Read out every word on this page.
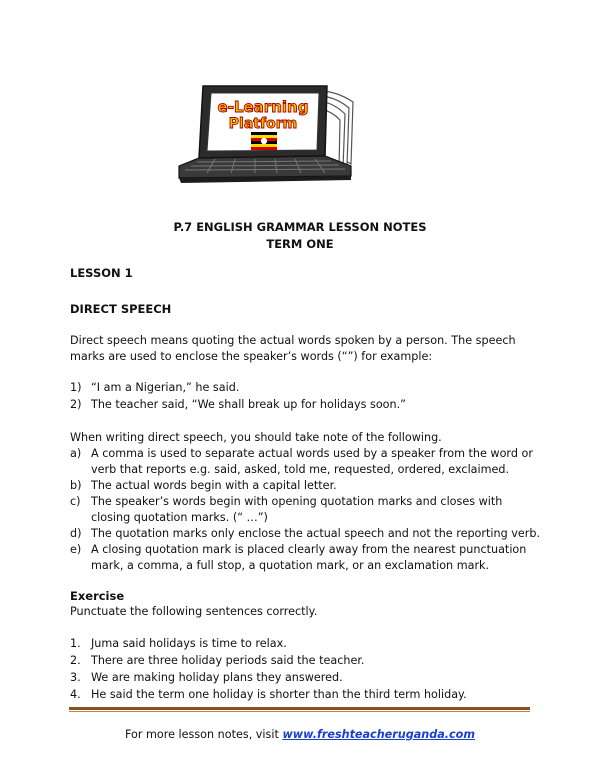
e-Learning
Platform
P.7 ENGLISH GRAMMAR LESSON NOTES
TERM ONE
LESSON 1
DIRECT SPEECH
Direct speech means quoting the actual words spoken by a person. The speech marks are used to enclose the speaker’s words (“”) for example:
1) “I am a Nigerian,” he said.
2) The teacher said, “We shall break up for holidays soon.”
When writing direct speech, you should take note of the following.
a) A comma is used to separate actual words used by a speaker from the word or verb that reports e.g. said, asked, told me, requested, ordered, exclaimed.
b) The actual words begin with a capital letter.
c) The speaker’s words begin with opening quotation marks and closes with closing quotation marks. (“ …”)
d) The quotation marks only enclose the actual speech and not the reporting verb.
e) A closing quotation mark is placed clearly away from the nearest punctuation mark, a comma, a full stop, a quotation mark, or an exclamation mark.
Exercise
Punctuate the following sentences correctly.
1. Juma said holidays is time to relax.
2. There are three holiday periods said the teacher.
3. We are making holiday plans they answered.
4. He said the term one holiday is shorter than the third term holiday.
For more lesson notes, visit www.freshteacheruganda.com
